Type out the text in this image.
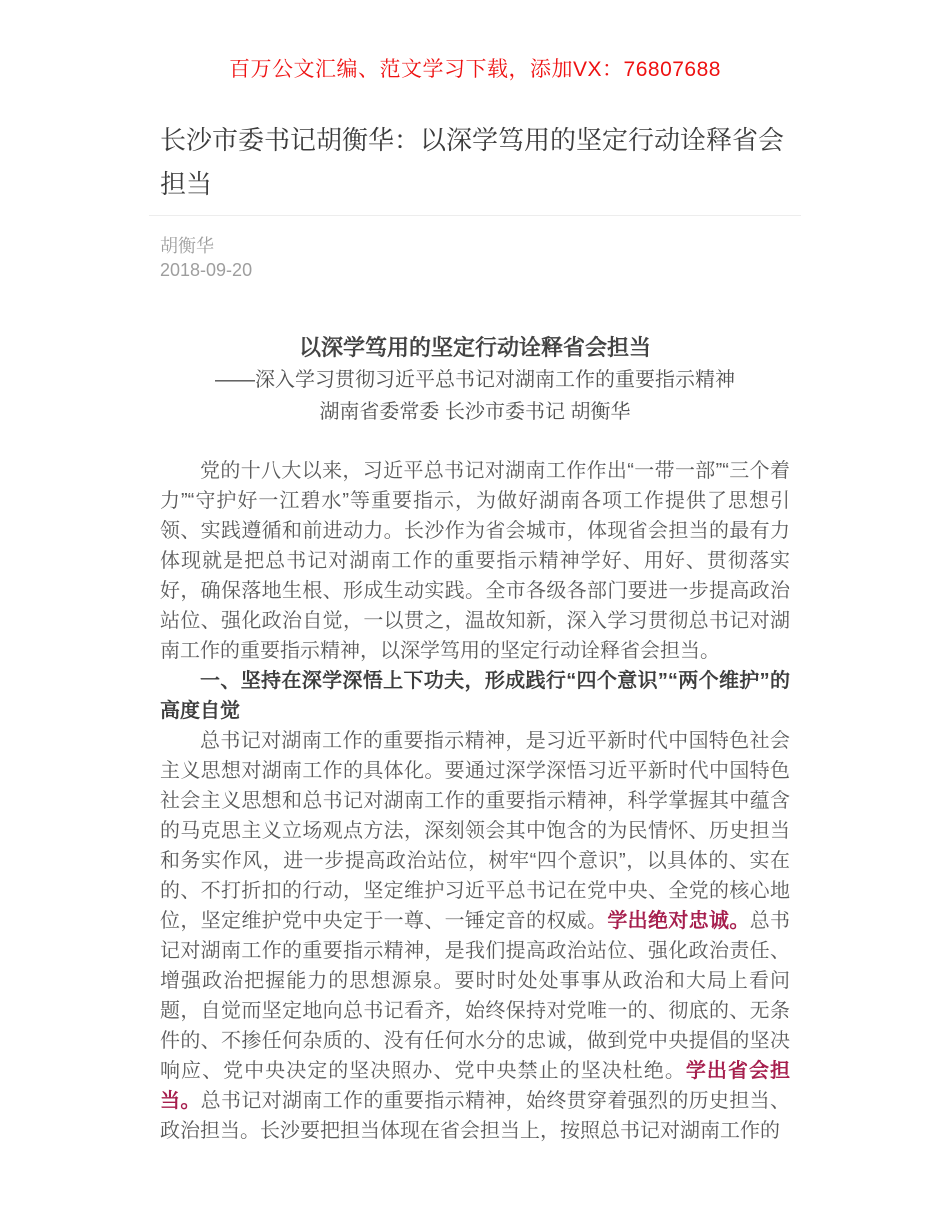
百万公文汇编、范文学习下载，添加VX：76807688
长沙市委书记胡衡华：以深学笃用的坚定行动诠释省会担当
胡衡华
2018-09-20
以深学笃用的坚定行动诠释省会担当
——深入学习贯彻习近平总书记对湖南工作的重要指示精神
湖南省委常委 长沙市委书记 胡衡华

党的十八大以来，习近平总书记对湖南工作作出“一带一部”“三个着力”“守护好一江碧水”等重要指示，为做好湖南各项工作提供了思想引领、实践遵循和前进动力。长沙作为省会城市，体现省会担当的最有力体现就是把总书记对湖南工作的重要指示精神学好、用好、贯彻落实好，确保落地生根、形成生动实践。全市各级各部门要进一步提高政治站位、强化政治自觉，一以贯之，温故知新，深入学习贯彻总书记对湖南工作的重要指示精神，以深学笃用的坚定行动诠释省会担当。

一、坚持在深学深悟上下功夫，形成践行“四个意识”“两个维护”的高度自觉

总书记对湖南工作的重要指示精神，是习近平新时代中国特色社会主义思想对湖南工作的具体化。要通过深学深悟习近平新时代中国特色社会主义思想和总书记对湖南工作的重要指示精神，科学掌握其中蕴含的马克思主义立场观点方法，深刻领会其中饱含的为民情怀、历史担当和务实作风，进一步提高政治站位，树牢“四个意识”，以具体的、实在的、不打折扣的行动，坚定维护习近平总书记在党中央、全党的核心地位，坚定维护党中央定于一尊、一锤定音的权威。学出绝对忠诚。总书记对湖南工作的重要指示精神，是我们提高政治站位、强化政治责任、增强政治把握能力的思想源泉。要时时处处事事从政治和大局上看问题，自觉而坚定地向总书记看齐，始终保持对党唯一的、彻底的、无条件的、不掺任何杂质的、没有任何水分的忠诚，做到党中央提倡的坚决响应、党中央决定的坚决照办、党中央禁止的坚决杜绝。学出省会担当。总书记对湖南工作的重要指示精神，始终贯穿着强烈的历史担当、政治担当。长沙要把担当体现在省会担当上，按照总书记对湖南工作的
